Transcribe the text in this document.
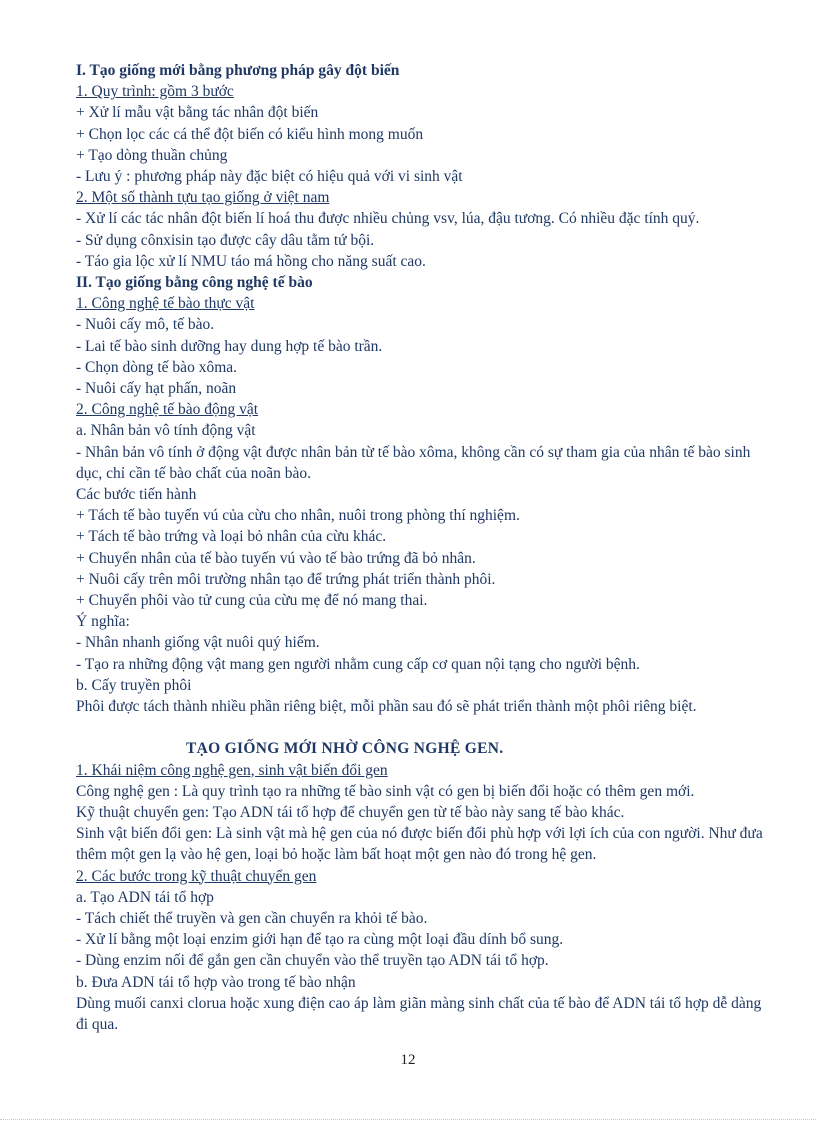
I. Tạo giống mới bằng phương pháp gây đột biến
1. Quy trình: gồm 3 bước
+ Xử lí mẫu vật bằng tác nhân đột biến
+ Chọn lọc các cá thể đột biến có kiểu hình mong muốn
+ Tạo dòng thuần chủng
- Lưu ý : phương pháp này đặc biệt có hiệu quả với vi sinh vật
2. Một số thành tựu tạo giống ở việt nam
- Xử lí các tác nhân đột biến lí hoá thu được nhiều chủng vsv, lúa, đậu tương. Có nhiều đặc tính quý.
- Sử dụng cônxisin tạo được cây dâu tằm tứ bội.
- Táo gia lộc xử lí NMU táo má hồng cho năng suất cao.
II. Tạo giống bằng công nghệ tế bào
1. Công nghệ tế bào thực vật
- Nuôi cấy mô, tế bào.
- Lai tế bào sinh dưỡng hay dung hợp tế bào trần.
- Chọn dòng tế bào xôma.
- Nuôi cấy hạt phấn, noãn
2. Công nghệ tế bào động vật
a. Nhân bản vô tính động vật
- Nhân bản vô tính ở động vật được nhân bản từ tế bào xôma, không cần có sự tham gia của nhân tế bào sinh dục, chỉ cần tế bào chất của noãn bào.
Các bước tiến hành
+ Tách tế bào tuyến vú của cừu cho nhân, nuôi trong phòng thí nghiệm.
+ Tách tế bào trứng và loại bỏ nhân của cừu khác.
+ Chuyển nhân của tế bào tuyến vú vào tế bào trứng đã bỏ nhân.
+ Nuôi cấy trên môi trường nhân tạo để trứng phát triển thành phôi.
+ Chuyển phôi vào tử cung của cừu mẹ để nó mang thai.
Ý nghĩa:
- Nhân nhanh giống vật nuôi quý hiếm.
- Tạo ra những động vật mang gen người nhằm cung cấp cơ quan nội tạng cho người bệnh.
b. Cấy truyền phôi
Phôi được tách thành nhiều phần riêng biệt, mỗi phần sau đó sẽ phát triển thành một phôi riêng biệt.
TẠO GIỐNG MỚI NHỜ CÔNG NGHỆ GEN.
1. Khái niệm công nghệ gen, sinh vật biến đổi gen
Công nghệ gen : Là quy trình tạo ra những tế bào sinh vật có gen bị biến đổi hoặc có thêm gen mới.
Kỹ thuật chuyển gen: Tạo ADN tái tổ hợp để chuyển gen từ tế bào này sang tế bào khác.
Sinh vật biến đổi gen: Là sinh vật mà hệ gen của nó được biến đổi phù hợp với lợi ích của con người. Như đưa thêm một gen lạ vào hệ gen, loại bỏ hoặc làm bất hoạt một gen nào đó trong hệ gen.
2. Các bước trong kỹ thuật chuyển gen
a. Tạo ADN tái tổ hợp
- Tách chiết thể truyền và gen cần chuyển ra khỏi tế bào.
- Xử lí bằng một loại enzim giới hạn để tạo ra cùng một loại đầu dính bổ sung.
- Dùng enzim nối để gắn gen cần chuyển vào thể truyền tạo ADN tái tổ hợp.
b. Đưa ADN tái tổ hợp vào trong tế bào nhận
Dùng muối canxi clorua hoặc xung điện cao áp làm giãn màng sinh chất của tế bào để ADN tái tổ hợp dễ dàng đi qua.
12
